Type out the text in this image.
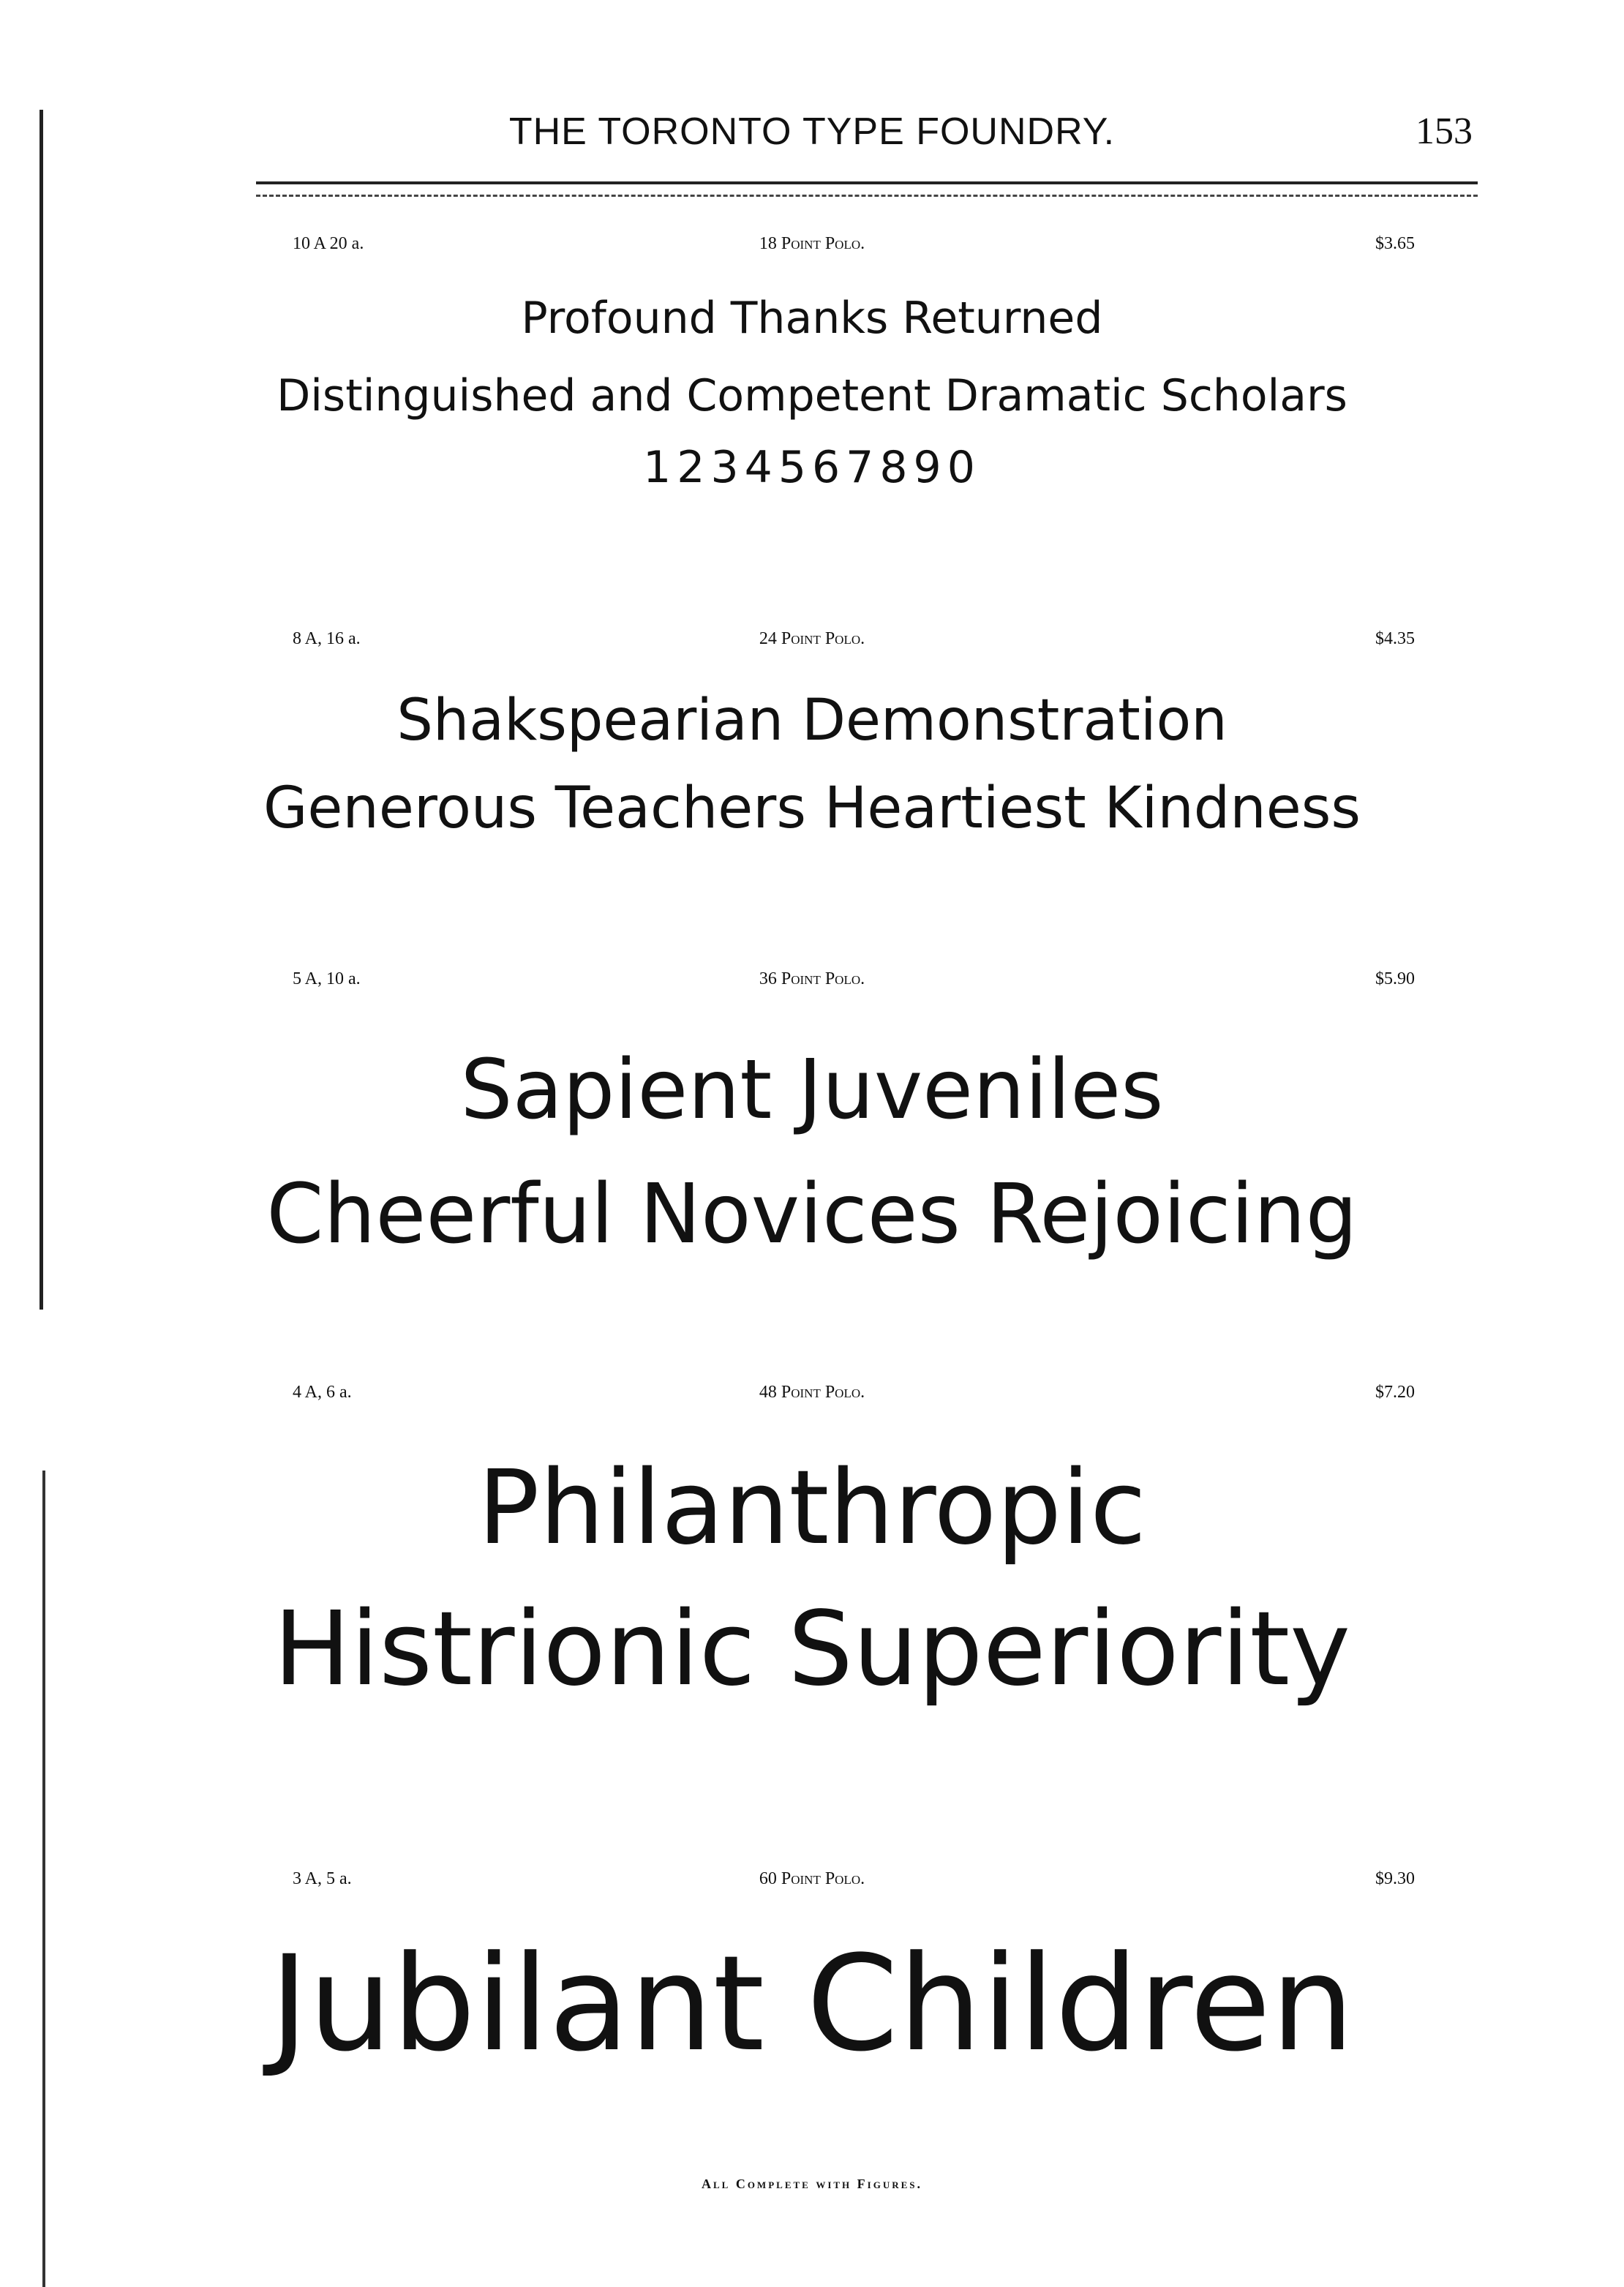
THE TORONTO TYPE FOUNDRY.	153
10 A 20 a.	18 Point Polo.	$3.65
Profound Thanks Returned
Distinguished and Competent Dramatic Scholars
1234567890
8 A, 16 a.	24 Point Polo.	$4.35
Shakspearian Demonstration
Generous Teachers Heartiest Kindness
5 A, 10 a.	36 Point Polo.	$5.90
Sapient Juveniles
Cheerful Novices Rejoicing
4 A, 6 a.	48 Point Polo.	$7.20
Philanthropic
Histrionic Superiority
3 A, 5 a.	60 Point Polo.	$9.30
Jubilant Children
All Complete with Figures.
